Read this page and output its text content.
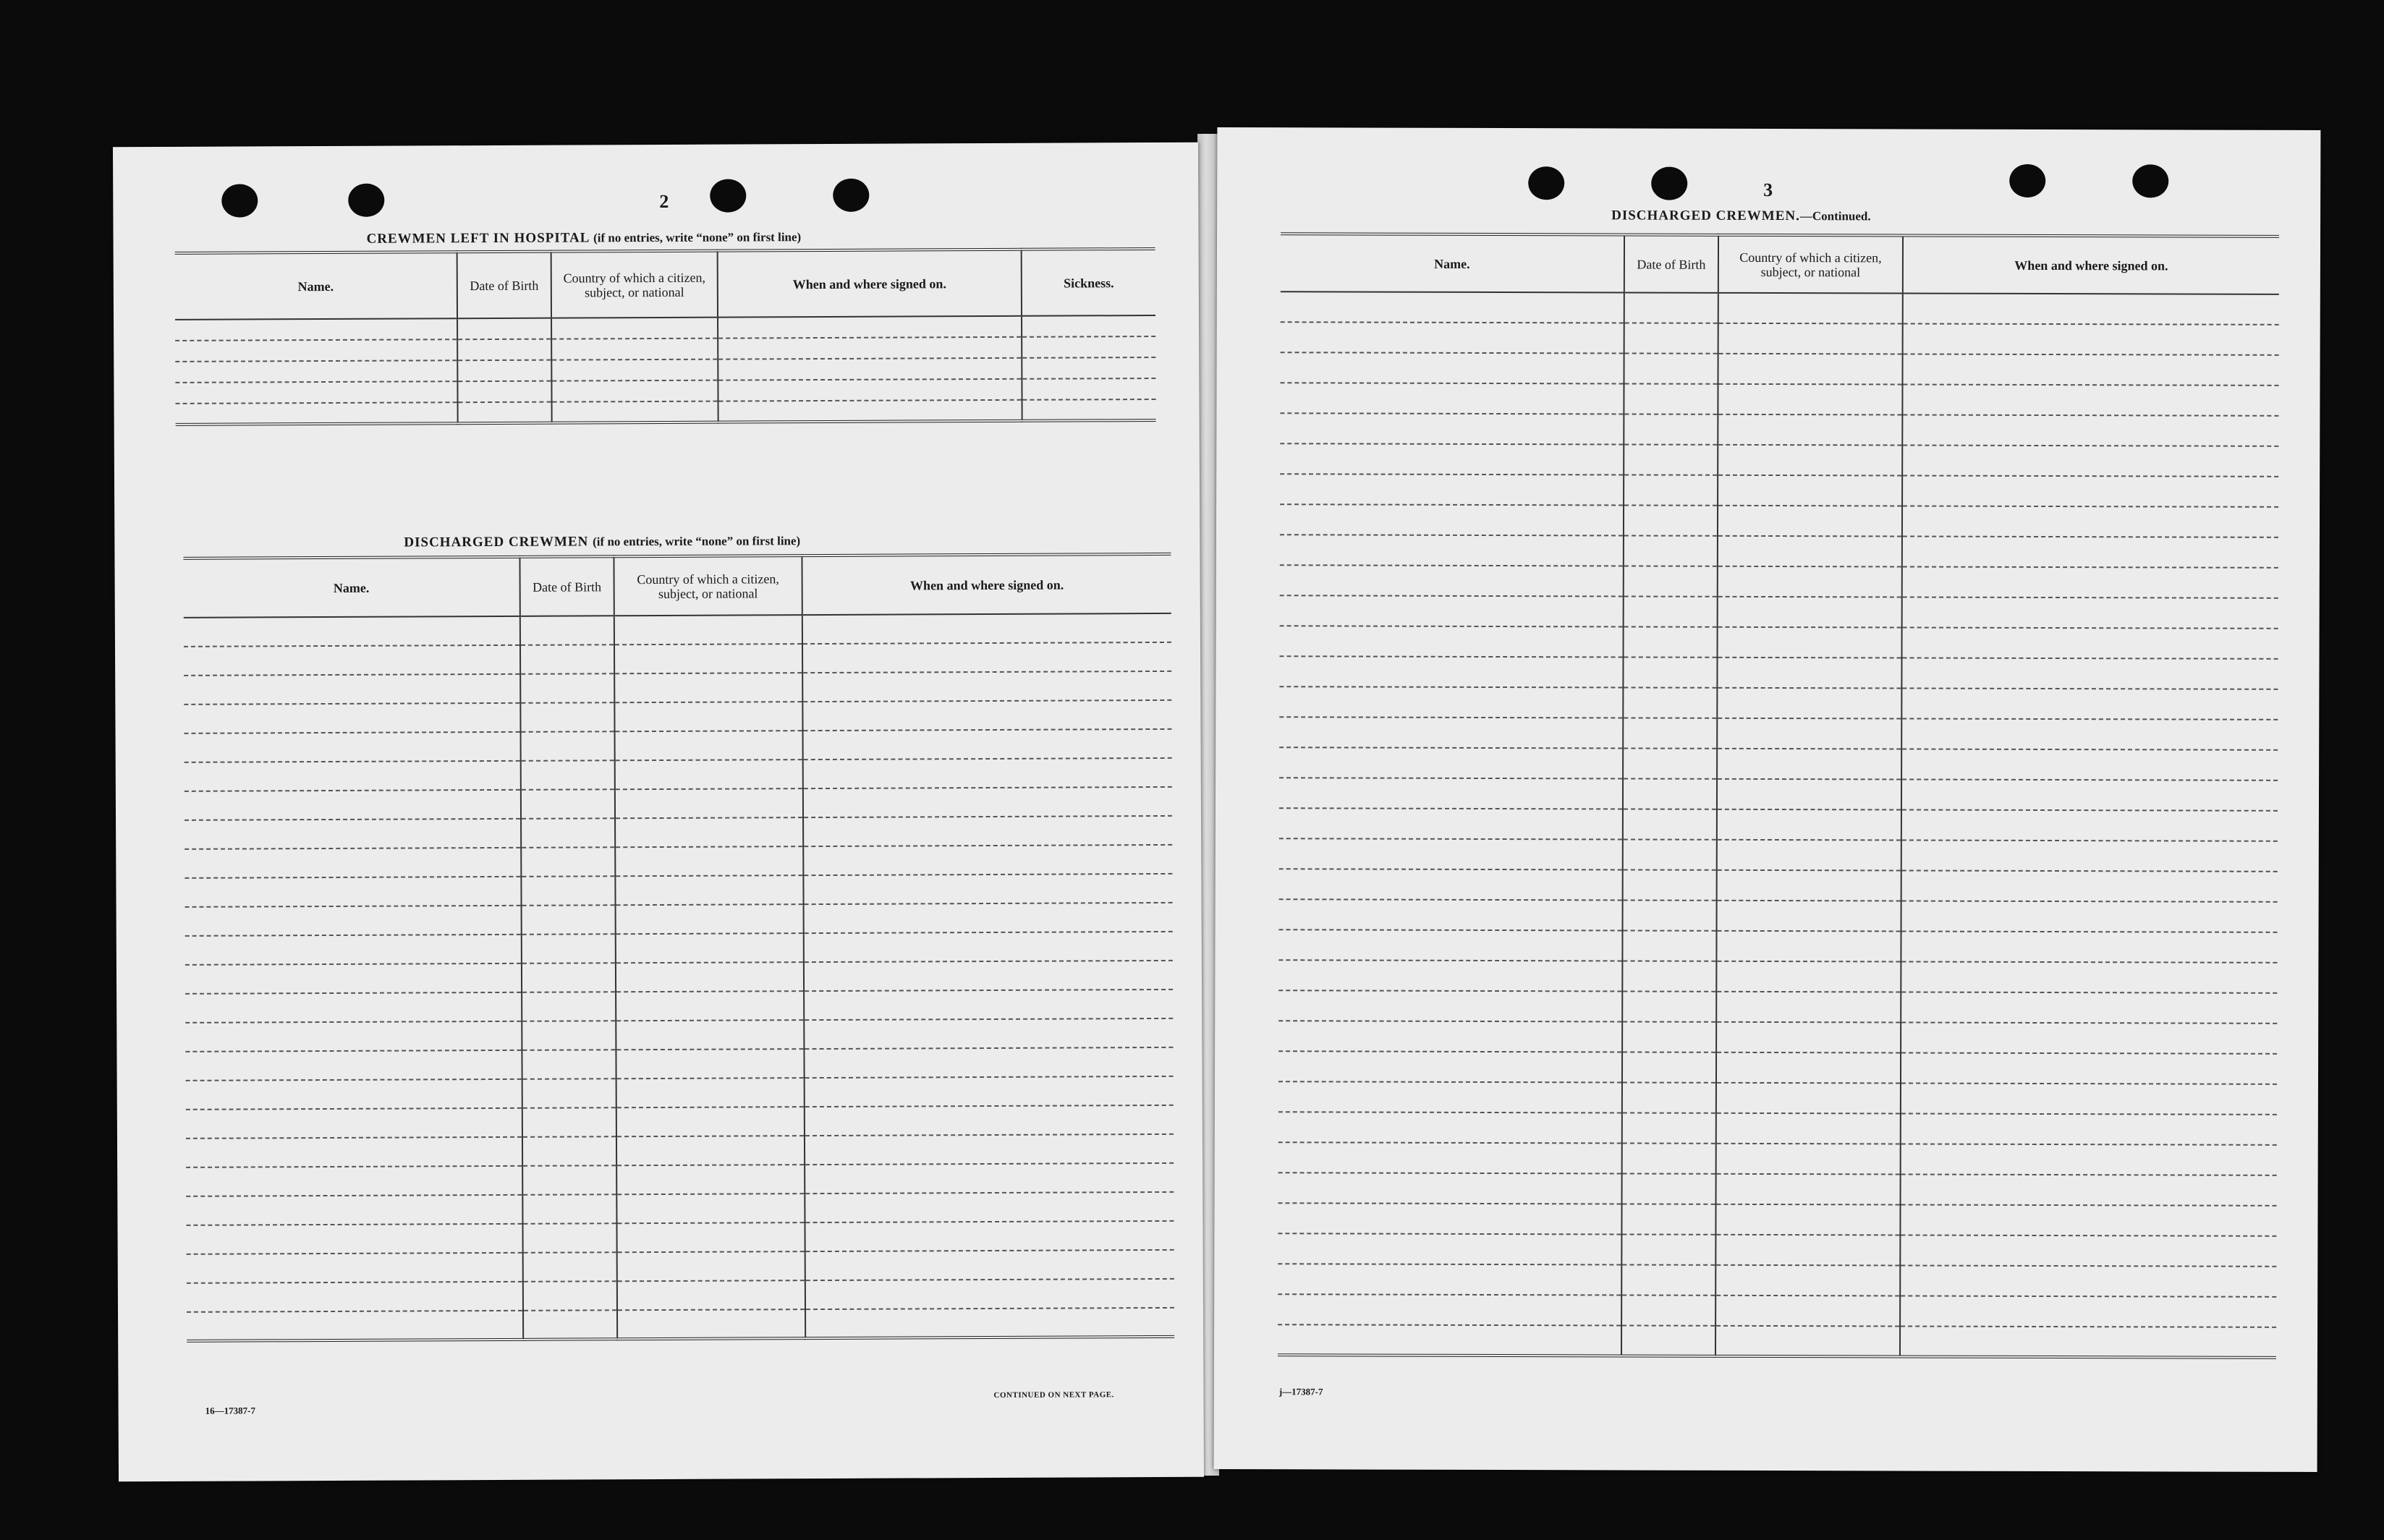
2
CREWMEN LEFT IN HOSPITAL (if no entries, write “none” on first line)
Name.	Date of Birth	Country of which a citizen, subject, or national	When and where signed on.	Sickness.

DISCHARGED CREWMEN (if no entries, write “none” on first line)
Name.	Date of Birth	Country of which a citizen, subject, or national	When and where signed on.

16—17387-7
CONTINUED ON NEXT PAGE.
3
DISCHARGED CREWMEN.—Continued.
Name.	Date of Birth	Country of which a citizen, subject, or national	When and where signed on.

j—17387-7
